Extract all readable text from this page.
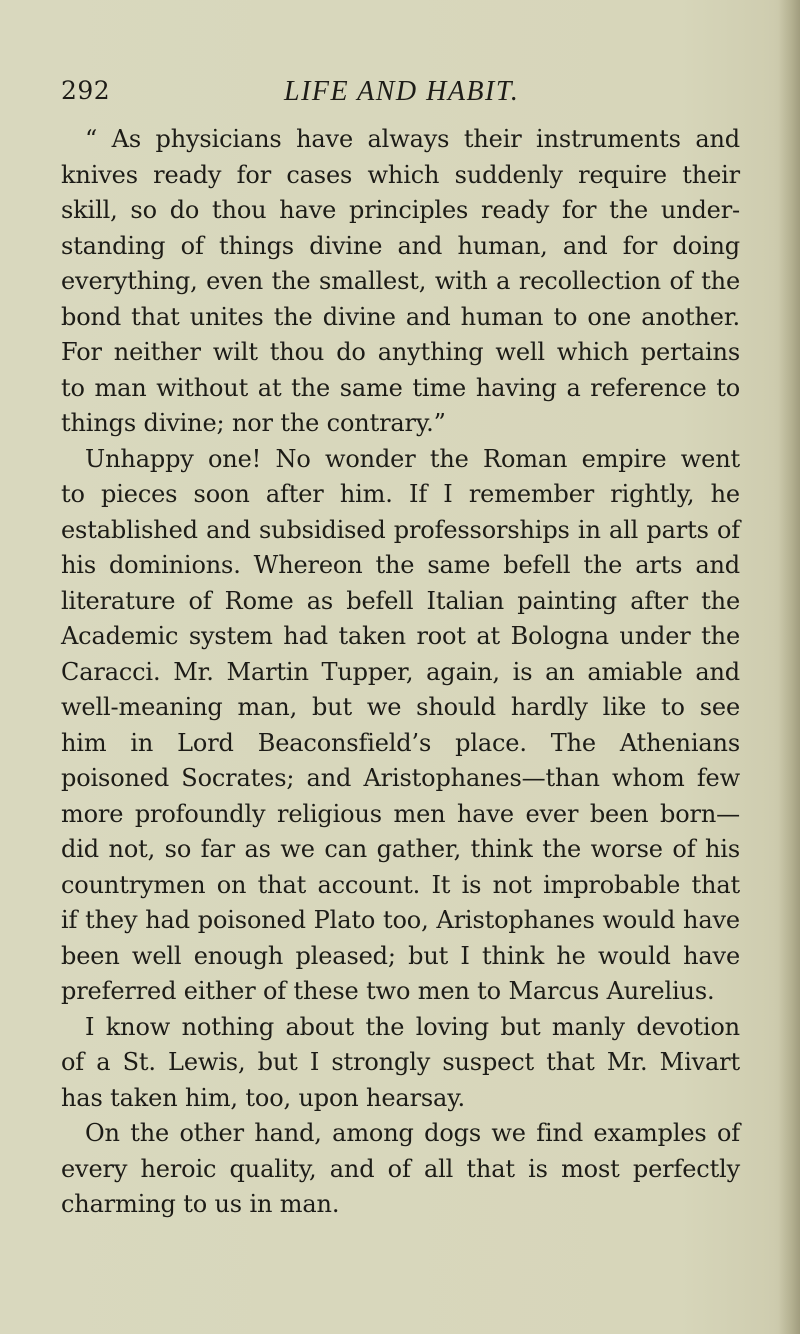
292	LIFE AND HABIT.
“ As physicians have always their instruments and
knives ready for cases which suddenly require their
skill, so do thou have principles ready for the under-
standing of things divine and human, and for doing
everything, even the smallest, with a recollection of the
bond that unites the divine and human to one another.
For neither wilt thou do anything well which pertains
to man without at the same time having a reference to
things divine; nor the contrary.”
Unhappy one! No wonder the Roman empire went
to pieces soon after him. If I remember rightly, he
established and subsidised professorships in all parts of
his dominions. Whereon the same befell the arts and
literature of Rome as befell Italian painting after the
Academic system had taken root at Bologna under the
Caracci. Mr. Martin Tupper, again, is an amiable and
well-meaning man, but we should hardly like to see
him in Lord Beaconsfield’s place. The Athenians
poisoned Socrates; and Aristophanes—than whom few
more profoundly religious men have ever been born—
did not, so far as we can gather, think the worse of his
countrymen on that account. It is not improbable that
if they had poisoned Plato too, Aristophanes would have
been well enough pleased; but I think he would have
preferred either of these two men to Marcus Aurelius.
I know nothing about the loving but manly devotion
of a St. Lewis, but I strongly suspect that Mr. Mivart
has taken him, too, upon hearsay.
On the other hand, among dogs we find examples of
every heroic quality, and of all that is most perfectly
charming to us in man.
